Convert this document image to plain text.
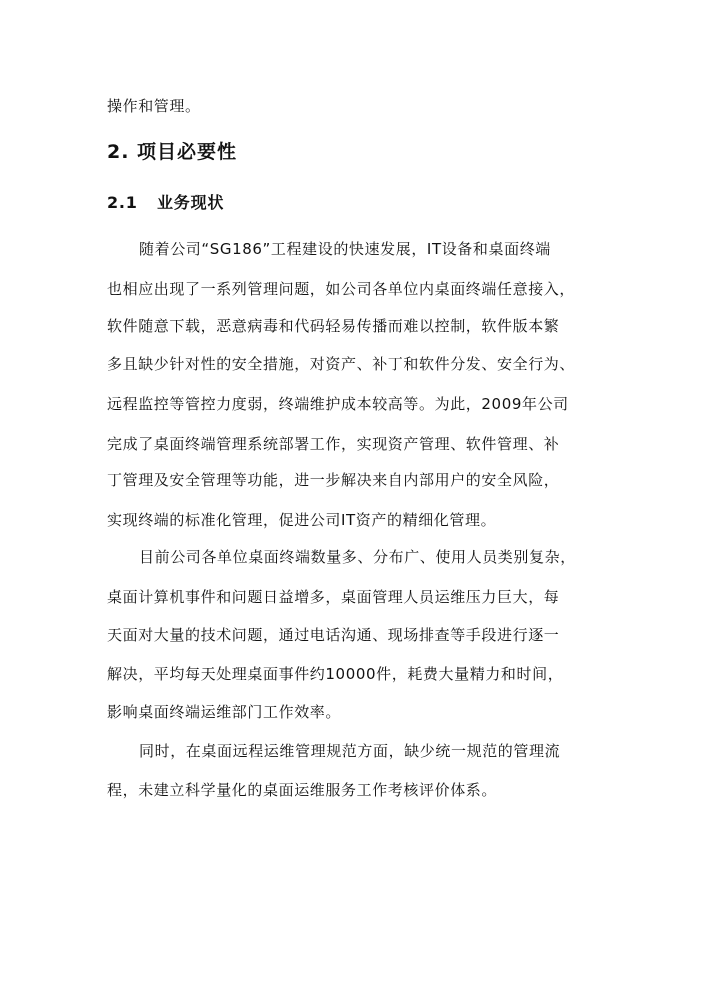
操作和管理。
2. 项目必要性
2.1 业务现状
随着公司“SG186”工程建设的快速发展，IT设备和桌面终端
也相应出现了一系列管理问题，如公司各单位内桌面终端任意接入，
软件随意下载，恶意病毒和代码轻易传播而难以控制，软件版本繁
多且缺少针对性的安全措施，对资产、补丁和软件分发、安全行为、
远程监控等管控力度弱，终端维护成本较高等。为此，2009年公司
完成了桌面终端管理系统部署工作，实现资产管理、软件管理、补
丁管理及安全管理等功能，进一步解决来自内部用户的安全风险，
实现终端的标准化管理，促进公司IT资产的精细化管理。
目前公司各单位桌面终端数量多、分布广、使用人员类别复杂，
桌面计算机事件和问题日益增多，桌面管理人员运维压力巨大，每
天面对大量的技术问题，通过电话沟通、现场排查等手段进行逐一
解决，平均每天处理桌面事件约10000件，耗费大量精力和时间，
影响桌面终端运维部门工作效率。
同时，在桌面远程运维管理规范方面，缺少统一规范的管理流
程，未建立科学量化的桌面运维服务工作考核评价体系。
